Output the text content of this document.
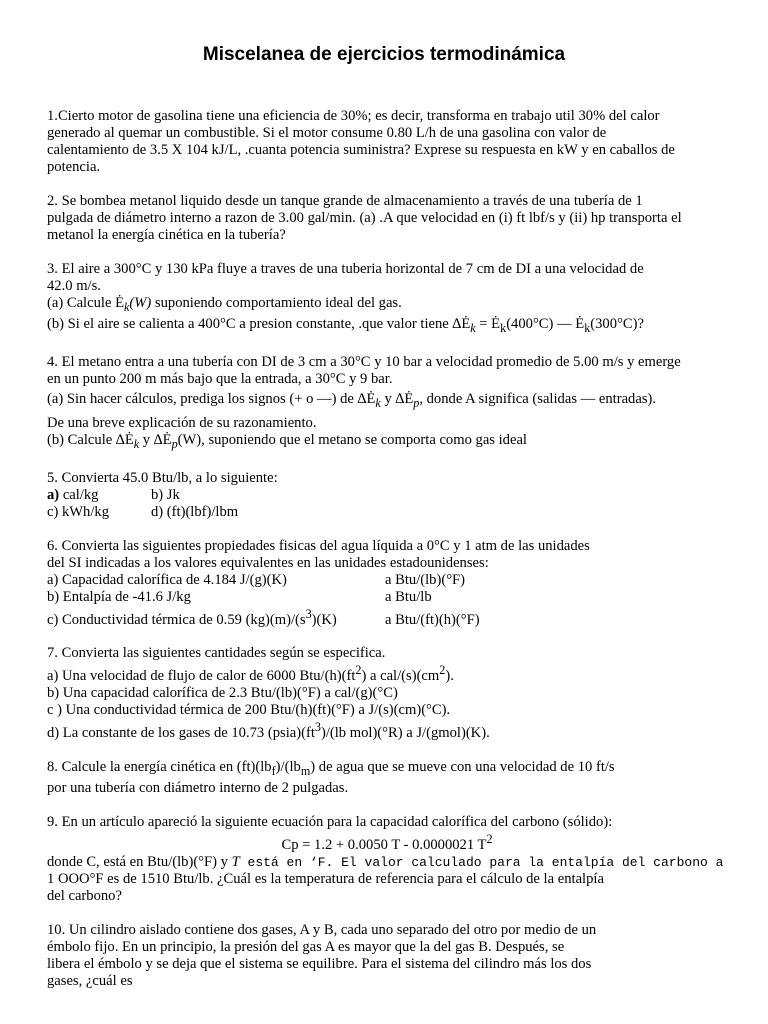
Miscelanea de ejercicios termodinámica
1.Cierto motor de gasolina tiene una eficiencia de 30%; es decir, transforma en trabajo util 30% del calor
generado al quemar un combustible. Si el motor consume 0.80 L/h de una gasolina con valor de
calentamiento de 3.5 X 104 kJ/L, .cuanta potencia suministra? Exprese su respuesta en kW y en caballos de
potencia.
2. Se bombea metanol liquido desde un tanque grande de almacenamiento a través de una tubería de 1
pulgada de diámetro interno a razon de 3.00 gal/min. (a) .A que velocidad en (i) ft lbf/s y (ii) hp transporta el
metanol la energía cinética en la tubería?
3. El aire a 300°C y 130 kPa fluye a traves de una tuberia horizontal de 7 cm de DI a una velocidad de
42.0 m/s.
(a) Calcule $Ė_k(W)$ suponiendo comportamiento ideal del gas.
(b) Si el aire se calienta a 400°C a presion constante, .que valor tiene $\Delta Ė_k$ = $Ė_k(400^\circ C)$ — $Ė_k(300^\circ C)$?
4. El metano entra a una tubería con DI de 3 cm a 30°C y 10 bar a velocidad promedio de 5.00 m/s y emerge
en un punto 200 m más bajo que la entrada, a 30°C y 9 bar.
(a) Sin hacer cálculos, prediga los signos (+ o —) de $\Delta Ė_k$ y $\Delta Ė_p$, donde A significa (salidas — entradas).
De una breve explicación de su razonamiento.
(b) Calcule $\Delta Ė_k$ y $\Delta Ė_p(W)$, suponiendo que el metano se comporta como gas ideal
5. Convierta 45.0 Btu/lb, a lo siguiente:
a) cal/kg	b) Jk
c) kWh/kg	d) (ft)(lbf)/lbm
6. Convierta las siguientes propiedades fisicas del agua líquida a 0°C y 1 atm de las unidades
del SI indicadas a los valores equivalentes en las unidades estadounidenses:
a) Capacidad calorífica de 4.184 J/(g)(K)	a Btu/(lb)(°F)
b) Entalpía de -41.6 J/kg	a Btu/lb
c) Conductividad térmica de 0.59 $(kg)(m)/(s^3)(K)$	a Btu/(ft)(h)(°F)
7. Convierta las siguientes cantidades según se especifica.
a) Una velocidad de flujo de calor de 6000 Btu/$(h)(ft^2)$ a cal/$(s)(cm^2)$.
b) Una capacidad calorífica de 2.3 Btu/(lb)(°F) a cal/(g)(°C)
c ) Una conductividad térmica de 200 Btu/(h)(ft)(°F) a J/(s)(cm)(°C).
d) La constante de los gases de 10.73 $(psia)(ft^3)/(lb$ mol)(°R) a J/(gmol)(K).
8. Calcule la energía cinética en $(ft)(lb_f)/(lb_m)$ de agua que se mueve con una velocidad de 10 ft/s
por una tubería con diámetro interno de 2 pulgadas.
9. En un artículo apareció la siguiente ecuación para la capacidad calorífica del carbono (sólido):
Cp = 1.2 + 0.0050 T - 0.0000021 $T^2$
donde C, está en Btu/(lb)(°F) y T está en ‘F. El valor calculado para la entalpía del carbono a
1 OOO°F es de 1510 Btu/lb. ¿Cuál es la temperatura de referencia para el cálculo de la entalpía
del carbono?
10. Un cilindro aislado contiene dos gases, A y B, cada uno separado del otro por medio de un
émbolo fijo. En un principio, la presión del gas A es mayor que la del gas B. Después, se
libera el émbolo y se deja que el sistema se equilibre. Para el sistema del cilindro más los dos
gases, ¿cuál es
